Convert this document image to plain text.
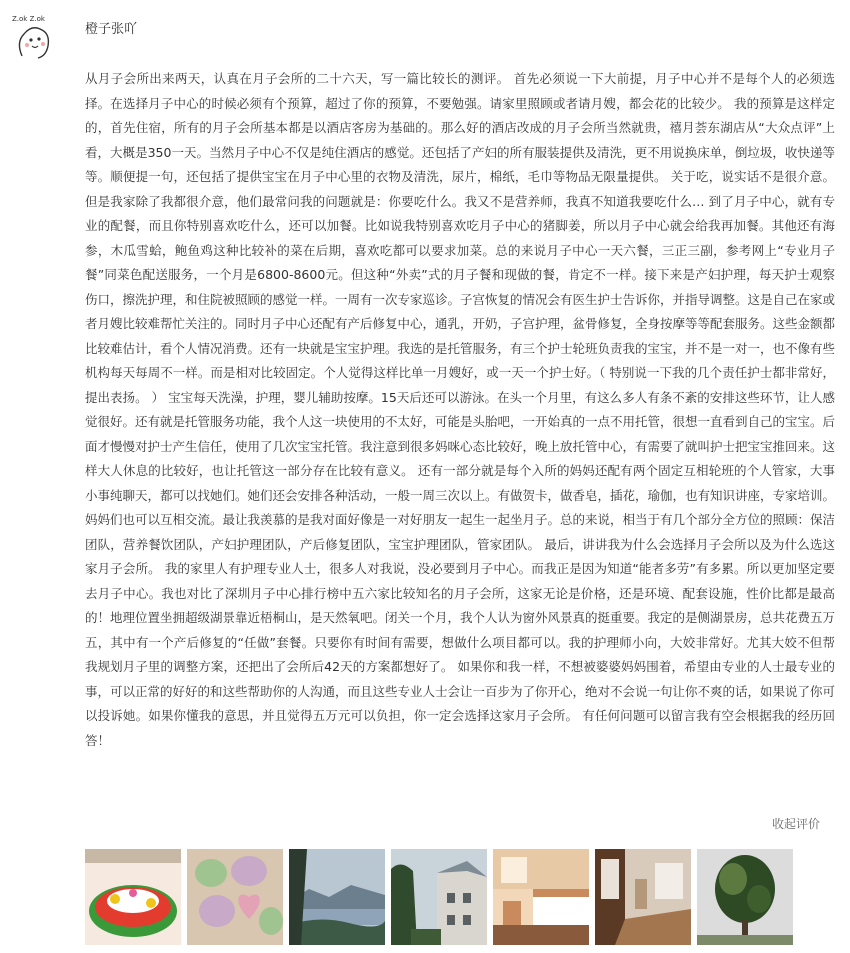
Z.ok Z.ok
橙子张吖
从月子会所出来两天，认真在月子会所的二十六天，写一篇比较长的测评。 首先必须说一下大前提，月子中心并不是每个人的必须选择。在选择月子中心的时候必须有个预算，超过了你的预算，不要勉强。请家里照顾或者请月嫂，都会花的比较少。 我的预算是这样定的，首先住宿，所有的月子会所基本都是以酒店客房为基础的。那么好的酒店改成的月子会所当然就贵，禧月荟东湖店从“大众点评”上看，大概是350一天。当然月子中心不仅是纯住酒店的感觉。还包括了产妇的所有服装提供及清洗，更不用说换床单，倒垃圾，收快递等等。顺便提一句，还包括了提供宝宝在月子中心里的衣物及清洗，尿片，棉纸，毛巾等物品无限量提供。 关于吃，说实话不是很介意。但是我家除了我都很介意，他们最常问我的问题就是：你要吃什么。我又不是营养师，我真不知道我要吃什么… 到了月子中心，就有专业的配餐，而且你特别喜欢吃什么，还可以加餐。比如说我特别喜欢吃月子中心的猪脚姜，所以月子中心就会给我再加餐。其他还有海参，木瓜雪蛤，鲍鱼鸡这种比较补的菜在后期，喜欢吃都可以要求加菜。总的来说月子中心一天六餐，三正三副，参考网上“专业月子餐”同菜色配送服务，一个月是6800-8600元。但这种“外卖”式的月子餐和现做的餐，肯定不一样。接下来是产妇护理，每天护士观察伤口，擦洗护理，和住院被照顾的感觉一样。一周有一次专家巡诊。子宫恢复的情况会有医生护士告诉你，并指导调整。这是自己在家或者月嫂比较难帮忙关注的。同时月子中心还配有产后修复中心，通乳，开奶，子宫护理，盆骨修复，全身按摩等等配套服务。这些金额都比较难估计，看个人情况消费。还有一块就是宝宝护理。我选的是托管服务，有三个护士轮班负责我的宝宝，并不是一对一，也不像有些机构每天每周不一样。而是相对比较固定。个人觉得这样比单一月嫂好，或一天一个护士好。（ 特别说一下我的几个责任护士都非常好，提出表扬。 ） 宝宝每天洗澡，护理，婴儿辅助按摩。15天后还可以游泳。在头一个月里，有这么多人有条不紊的安排这些环节，让人感觉很好。还有就是托管服务功能，我个人这一块使用的不太好，可能是头胎吧，一开始真的一点不用托管，很想一直看到自己的宝宝。后面才慢慢对护士产生信任，使用了几次宝宝托管。我注意到很多妈咪心态比较好，晚上放托管中心，有需要了就叫护士把宝宝推回来。这样大人休息的比较好，也让托管这一部分存在比较有意义。 还有一部分就是每个入所的妈妈还配有两个固定互相轮班的个人管家，大事小事纯聊天，都可以找她们。她们还会安排各种活动，一般一周三次以上。有做贺卡，做香皂，插花，瑜伽，也有知识讲座，专家培训。妈妈们也可以互相交流。最让我羡慕的是我对面好像是一对好朋友一起生一起坐月子。总的来说，相当于有几个部分全方位的照顾：保洁团队，营养餐饮团队，产妇护理团队，产后修复团队，宝宝护理团队，管家团队。 最后，讲讲我为什么会选择月子会所以及为什么选这家月子会所。 我的家里人有护理专业人士，很多人对我说，没必要到月子中心。而我正是因为知道“能者多劳”有多累。所以更加坚定要去月子中心。我也对比了深圳月子中心排行榜中五六家比较知名的月子会所，这家无论是价格，还是环境、配套设施，性价比都是最高的！地理位置坐拥超级湖景靠近梧桐山，是天然氧吧。闭关一个月，我个人认为窗外风景真的挺重要。我定的是侧湖景房，总共花费五万五，其中有一个产后修复的“任做”套餐。只要你有时间有需要，想做什么项目都可以。我的护理师小向，大姣非常好。尤其大姣不但帮我规划月子里的调整方案，还把出了会所后42天的方案都想好了。 如果你和我一样，不想被婆婆妈妈围着，希望由专业的人士最专业的事，可以正常的好好的和这些帮助你的人沟通，而且这些专业人士会让一百步为了你开心，绝对不会说一句让你不爽的话，如果说了你可以投诉她。如果你懂我的意思，并且觉得五万元可以负担，你一定会选择这家月子会所。 有任何问题可以留言我有空会根据我的经历回答！
收起评价
